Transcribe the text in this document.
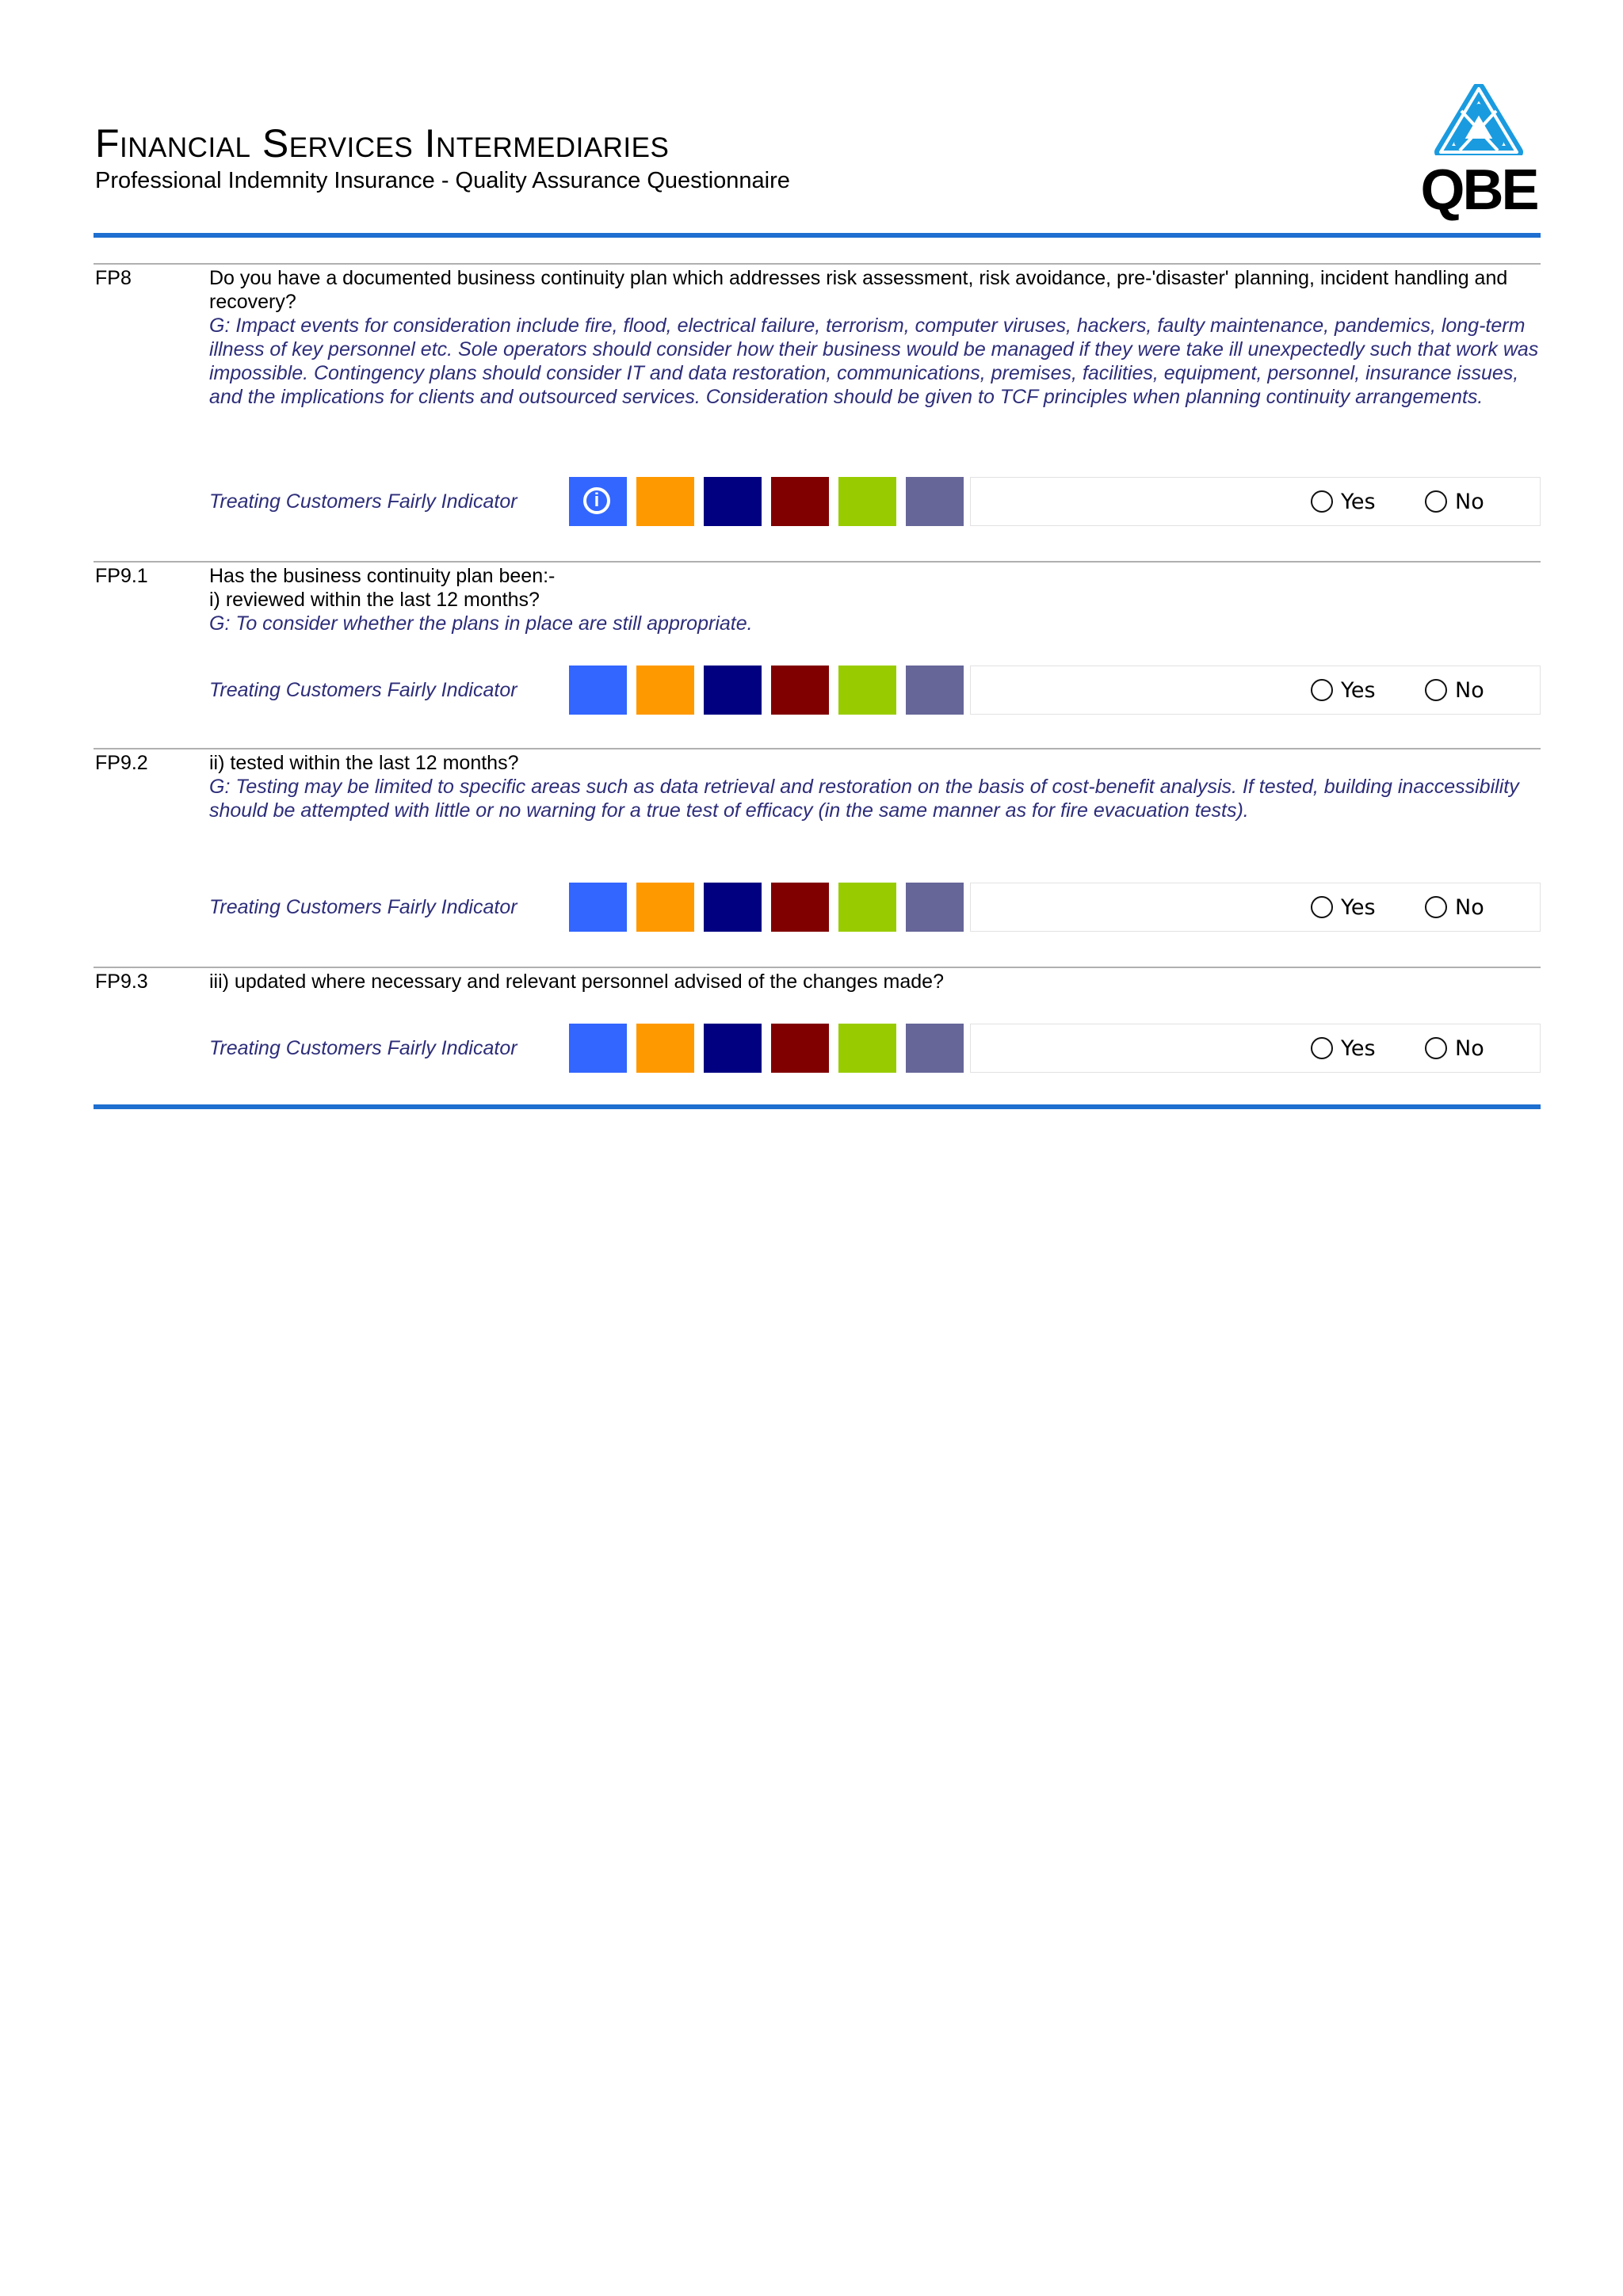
Financial Services Intermediaries
Professional Indemnity Insurance - Quality Assurance Questionnaire	QBE
FP8	Do you have a documented business continuity plan which addresses risk assessment, risk avoidance, pre-'disaster' planning, incident handling and recovery?
G: Impact events for consideration include fire, flood, electrical failure, terrorism, computer viruses, hackers, faulty maintenance, pandemics, long-term illness of key personnel etc. Sole operators should consider how their business would be managed if they were take ill unexpectedly such that work was impossible. Contingency plans should consider IT and data restoration, communications, premises, facilities, equipment, personnel, insurance issues, and the implications for clients and outsourced services. Consideration should be given to TCF principles when planning continuity arrangements.
Treating Customers Fairly Indicator	i	Yes	No
FP9.1	Has the business continuity plan been:-
i) reviewed within the last 12 months?
G: To consider whether the plans in place are still appropriate.
Treating Customers Fairly Indicator	Yes	No
FP9.2	ii) tested within the last 12 months?
G: Testing may be limited to specific areas such as data retrieval and restoration on the basis of cost-benefit analysis. If tested, building inaccessibility should be attempted with little or no warning for a true test of efficacy (in the same manner as for fire evacuation tests).
Treating Customers Fairly Indicator	Yes	No
FP9.3	iii) updated where necessary and relevant personnel advised of the changes made?
Treating Customers Fairly Indicator	Yes	No
